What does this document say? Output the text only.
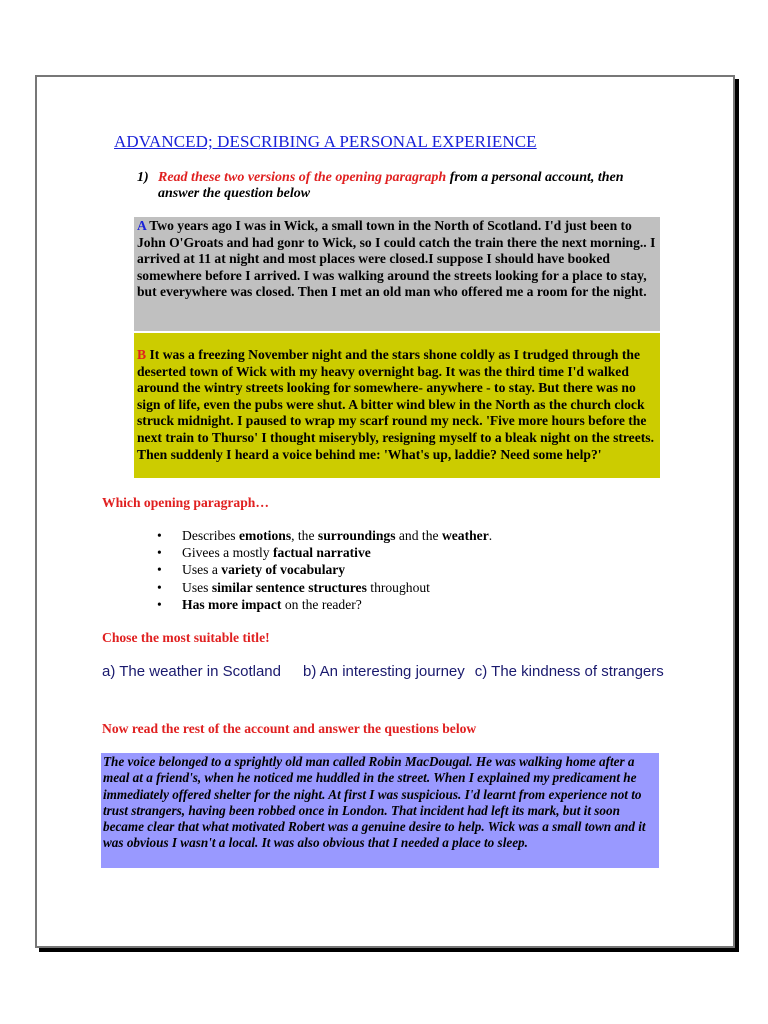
ADVANCED; DESCRIBING A PERSONAL EXPERIENCE
1) Read these two versions of the opening paragraph from a personal account, then answer the question below
A Two years ago I was in Wick, a small town in the North of Scotland. I'd just been to John O'Groats and had gonr to Wick, so I could catch the train there the next morning.. I arrived at 11 at night and most places were closed.I suppose I should have booked somewhere before I arrived. I was walking around the streets looking for a place to stay, but everywhere was closed. Then I met an old man who offered me a room for the night.
B It was a freezing November night and the stars shone coldly as I trudged through the deserted town of Wick with my heavy overnight bag. It was the third time I'd walked around the wintry streets looking for somewhere- anywhere - to stay. But there was no sign of life, even the pubs were shut. A bitter wind blew in the North as the church clock struck midnight. I paused to wrap my scarf round my neck. 'Five more hours before the next train to Thurso' I thought miserybly, resigning myself to a bleak night on the streets. Then suddenly I heard a voice behind me: 'What's up, laddie? Need some help?'
Which opening paragraph…
• Describes emotions, the surroundings and the weather.
• Givees a mostly factual narrative
• Uses a variety of vocabulary
• Uses similar sentence structures throughout
• Has more impact on the reader?
Chose the most suitable title!
a) The weather in Scotland b) An interesting journey c) The kindness of strangers
Now read the rest of the account and answer the questions below
The voice belonged to a sprightly old man called Robin MacDougal. He was walking home after a meal at a friend's, when he noticed me huddled in the street. When I explained my predicament he immediately offered shelter for the night. At first I was suspicious. I'd learnt from experience not to trust strangers, having been robbed once in London. That incident had left its mark, but it soon became clear that what motivated Robert was a genuine desire to help. Wick was a small town and it was obvious I wasn't a local. It was also obvious that I needed a place to sleep.
